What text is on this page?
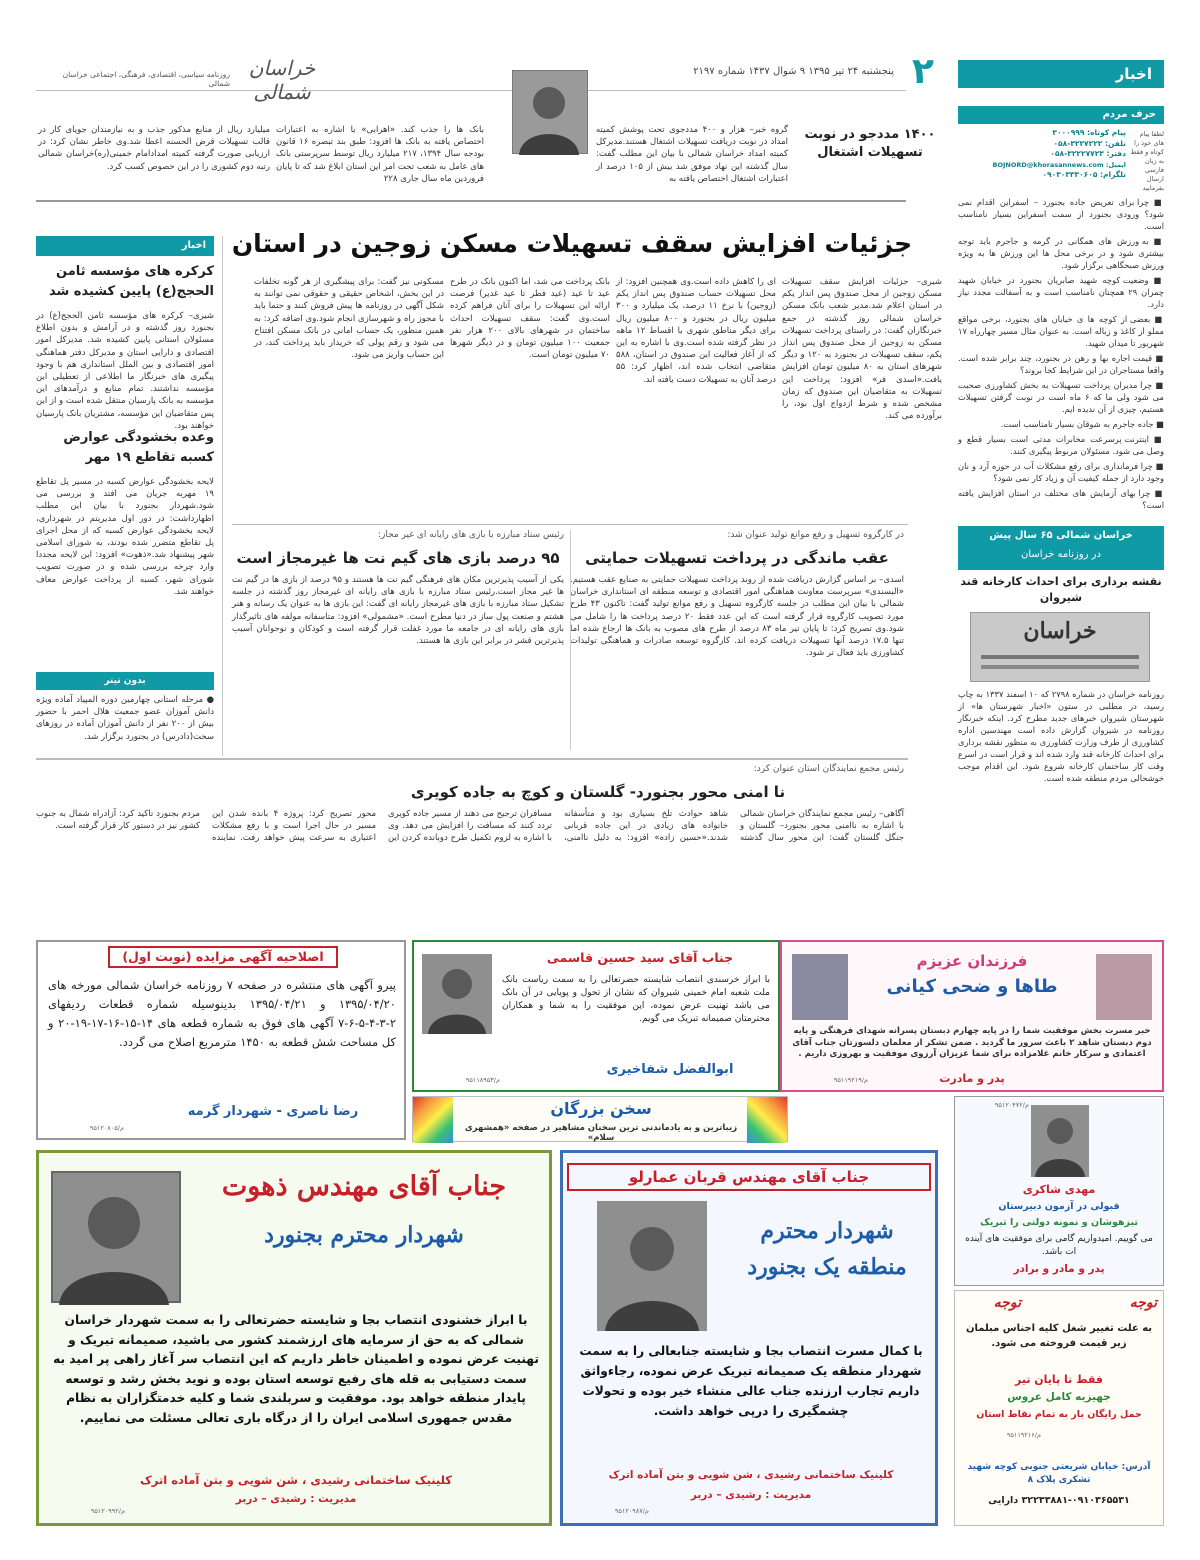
اخبار
۲
پنجشنبه ۲۴ تیر ۱۳۹۵ ۹ شوال ۱۴۳۷ شماره ۲۱۹۷
خراسان شمالی
روزنامه سیاسی، اقتصادی، فرهنگی، اجتماعی خراسان شمالی
حرف مردم
پیام کوتاه: ۳۰۰۰۹۹۹
تلفن: ۳۲۲۷۲۲۲-۰۵۸
دفتر: ۳۲۲۲۷۷۲۳-۰۵۸
ایمیل: BOJNORD@khorasannews.com
تلگرام: ۰۹۰۳۰۳۳۳۰۶۰۵
لطفا پیام های خود را کوتاه و فقط به زبان فارسی ارسال بفرمایید

■ چرا برای تعریض جاده بجنورد – اسفراین اقدام نمی شود؟ ورودی بجنورد از سمت اسفراین بسیار نامناسب است.

■ به ورزش های همگانی در گرمه و جاجرم باید توجه بیشتری شود و در برخی محل ها این ورزش ها به ویژه ورزش صبحگاهی برگزار شود.

■ وضعیت کوچه شهید صابریان بجنورد در خیابان شهید چمران ۲۹ همچنان نامناسب است و به آسفالت مجدد نیاز دارد.

■ بعضی از کوچه ها ی خیابان های بجنورد، برخی مواقع مملو از کاغذ و زباله است. به عنوان مثال مسیر چهارراه ۱۷ شهریور تا میدان شهید.

■ قیمت اجاره بها و رهن در بجنورد، چند برابر شده است. واقعا مستاجران در این شرایط کجا بروند؟

■ چرا مدیران پرداخت تسهیلات به بخش کشاورزی صحبت می شود ولی ما که ۶ ماه است در نوبت گرفتن تسهیلات هستیم، چیزی از آن ندیده ایم.

■ جاده جاجرم به شوقان بسیار نامناسب است.

■ اینترنت پرسرعت مخابرات مدتی است بسیار قطع و وصل می شود. مسئولان مربوط پیگیری کنند.

■ چرا فرمانداری برای رفع مشکلات آب در حوزه آرد و نان وجود دارد از جمله کیفیت آن و زیاد کار نمی شود؟

■ چرا بهای آزمایش های مختلف در استان افزایش یافته است؟

خراسان شمالی ۶۵ سال پیش
در روزنامه خراسان
نقشه برداری برای احداث کارخانه قند شیروان
خراسان
روزنامه خراسان در شماره ۲۷۹۸ که ۱۰ اسفند ۱۳۳۷ به چاپ رسید، در مطلبی در ستون «اخبار شهرستان ها» از شهرستان شیروان خبرهای جدید مطرح کرد. اینکه خبرنگار روزنامه در شیروان گزارش داده است مهندسین اداره کشاورزی از طرف وزارت کشاورزی به منظور نقشه برداری برای احداث کارخانه قند وارد شده اند و قرار است در اسرع وقت کار ساختمان کارخانه شروع شود. این اقدام موجب خوشحالی مردم منطقه شده است.
۱۴۰۰ مددجو در نوبت
تسهیلات اشتغال
گروه خبر– هزار و ۴۰۰ مددجوی تحت پوشش کمیته امداد در نوبت دریافت تسهیلات اشتغال هستند.مدیرکل کمیته امداد خراسان شمالی با بیان این مطلب گفت: سال گذشته این نهاد موفق شد بیش از ۱۰۵ درصد از اعتبارات اشتغال اختصاص یافته به
بانک ها را جذب کند. «اهرابی» با اشاره به اعتبارات اختصاص یافته به بانک ها افزود: طبق بند تبصره ۱۶ قانون بودجه سال ۱۳۹۴، ۲۱۷ میلیارد ریال توسط سرپرستی بانک های عامل به شعب تحت امر این استان ابلاغ شد که تا پایان فروردین ماه سال جاری ۲۲۸
میلیارد ریال از منابع مذکور جذب و به نیازمندان جویای کار در قالب تسهیلات قرض الحسنه اعطا شد.وی خاطر نشان کرد: در ارزیابی صورت گرفته کمیته امدادامام خمینی(ره)خراسان شمالی رتبه دوم کشوری را در این خصوص کسب کرد.
جزئیات افزایش سقف تسهیلات مسکن زوجین در استان
شیری– جزئیات افزایش سقف تسهیلات مسکن زوجین از محل صندوق پس انداز یکم در استان اعلام شد.مدیر شعب بانک مسکن خراسان شمالی روز گذشته در جمع خبرنگاران گفت: در راستای پرداخت تسهیلات مسکن به زوجین از محل صندوق پس انداز یکم، سقف تسهیلات در بجنورد به ۱۲۰ و دیگر شهرهای استان به ۸۰ میلیون تومان افزایش یافت.«اسدی فر» افزود: پرداخت این تسهیلات به متقاضیان این صندوق که زمان مشخص شده و شرط ازدواج اول بود، را برآورده می کند.
ای را کاهش داده است.وی همچنین افزود: از محل تسهیلات حساب صندوق پس انداز یکم (زوجین) با نرخ ۱۱ درصد، یک میلیارد و ۳۰۰ میلیون ریال در بجنورد و ۸۰۰ میلیون ریال برای دیگر مناطق شهری با اقساط ۱۲ ماهه در نظر گرفته شده است.وی با اشاره به این که از آغاز فعالیت این صندوق در استان، ۵۸۸ متقاضی انتخاب شده اند، اظهار کرد: ۵۵ درصد آنان به تسهیلات دست یافته اند.
بانک پرداخت می شد، اما اکنون بانک در طرح عید تا عید (عید فطر تا عید غدیر) فرصت ارائه این تسهیلات را برای آنان فراهم کرده است.وی گفت: سقف تسهیلات احداث ساختمان در شهرهای بالای ۲۰۰ هزار نفر جمعیت ۱۰۰ میلیون تومان و در دیگر شهرها ۷۰ میلیون تومان است.
مسکونی نیز گفت: برای پیشگیری از هر گونه تخلفات در این بخش، اشخاص حقیقی و حقوقی نمی توانند به شکل آگهی در روزنامه ها پیش فروش کنند و حتما باید با مجوز راه و شهرسازی انجام شود.وی اضافه کرد: به همین منظور، یک حساب امانی در بانک مسکن افتتاح می شود و رقم پولی که خریدار باید پرداخت کند، در این حساب واریز می شود.
اخبار
کرکره های مؤسسه ثامن الحجج(ع) پایین کشیده شد
شیری– کرکره های مؤسسه ثامن الحجج(ع) در بجنورد روز گذشته و در آرامش و بدون اطلاع مسئولان استانی پایین کشیده شد. مدیرکل امور اقتصادی و دارایی استان و مدیرکل دفتر هماهنگی امور اقتصادی و بین الملل استانداری هم با وجود پیگیری های خبرنگار ما اطلاعی از تعطیلی این مؤسسه نداشتند. تمام منابع و درآمدهای این مؤسسه به بانک پارسیان منتقل شده است و از این پس متقاضیان این مؤسسه، مشتریان بانک پارسیان خواهند بود.
وعده بخشودگی عوارض کسبه تقاطع ۱۹ مهر
لایحه بخشودگی عوارض کسبه در مسیر پل تقاطع ۱۹ مهربه جریان می افتد و بررسی می شود.شهردار بجنورد با بیان این مطلب اظهارداشت: در دور اول مدیریتم در شهرداری، لایحه بخشودگی عوارض کسبه که از محل اجرای پل تقاطع متضرر شده بودند، به شورای اسلامی شهر پیشنهاد شد.«ذهوت» افزود: این لایحه مجددا وارد چرخه بررسی شده و در صورت تصویب شورای شهر، کسبه از پرداخت عوارض معاف خواهند شد.
بدون تیتر
● مرحله استانی چهارمین دوره المپیاد آماده ویژه دانش آموزان عضو جمعیت هلال احمر با حضور بیش از ۲۰۰ نفر از دانش آموزان آماده در روزهای سخت(دادرس) در بجنورد برگزار شد.
در کارگروه تسهیل و رفع موانع تولید عنوان شد:
عقب ماندگی در پرداخت تسهیلات حمایتی
اسدی– بر اساس گزارش دریافت شده از روند پرداخت تسهیلات حمایتی به صنایع عقب هستیم. «البسندی» سرپرست معاونت هماهنگی امور اقتصادی و توسعه منطقه ای استانداری خراسان شمالی با بیان این مطلب در جلسه کارگروه تسهیل و رفع موانع تولید گفت: تاکنون ۴۳ طرح مورد تصویب کارگروه قرار گرفته است که این عدد فقط ۲۰ درصد پرداخت ها را شامل می شود.وی تصریح کرد: تا پایان تیر ماه ۸۳ درصد از طرح های مصوب به بانک ها ارجاع شده اما تنها ۱۷.۵ درصد آنها تسهیلات دریافت کرده اند. کارگروه توسعه صادرات و هماهنگی تولیدات کشاورزی باید فعال تر شود.
رئیس ستاد مبارزه با بازی های رایانه ای غیر مجاز:
۹۵ درصد بازی های گیم نت ها غیرمجاز است
یکی از آسیب پذیرترین مکان های فرهنگی گیم نت ها هستند و ۹۵ درصد از بازی ها در گیم نت ها غیر مجاز است.رئیس ستاد مبارزه با بازی های رایانه ای غیرمجاز روز گذشته در جلسه تشکیل ستاد مبارزه با بازی های غیرمجاز رایانه ای گفت: این بازی ها به عنوان یک رسانه و هنر هشتم و صنعت پول ساز در دنیا مطرح است. «مشمولی» افزود: متاسفانه مولفه های تاثیرگذار بازی های رایانه ای در جامعه ما مورد غفلت قرار گرفته است و کودکان و نوجوانان آسیب پذیرترین قشر در برابر این بازی ها هستند.
رئیس مجمع نمایندگان استان عنوان کرد:
نا امنی محور بجنورد- گلستان و کوچ به جاده کویری
آگاهی– رئیس مجمع نمایندگان خراسان شمالی با اشاره به ناامنی محور بجنورد– گلستان و جنگل گلستان گفت: این محور سال گذشته شاهد حوادث تلخ بسیاری بود و متأسفانه خانواده های زیادی در این جاده قربانی شدند.«حسین زاده» افزود: به دلیل ناامنی، مسافران ترجیح می دهند از مسیر جاده کویری تردد کنند که مسافت را افزایش می دهد. وی با اشاره به لزوم تکمیل طرح دوبانده کردن این محور تصریح کرد: پروژه ۴ بانده شدن این مسیر در حال اجرا است و با رفع مشکلات اعتباری به سرعت پیش خواهد رفت. نماینده مردم بجنورد تاکید کرد: آزادراه شمال به جنوب کشور نیز در دستور کار قرار گرفته است.
فرزندان عزیزم
طاها و ضحی کیانی
خبر مسرت بخش موفقیت شما را در پایه چهارم دبستان پسرانه شهدای فرهنگی و پایه دوم دبستان شاهد ۲ باعث سرور ما گردید . ضمن تشکر از معلمان دلسوزتان جناب آقای اعتمادی و سرکار خانم غلامزاده برای شما عزیزان آرزوی موفقیت و بهروزی داریم .
پدر و مادرت
م/۹۵۱۱۹۲۱۹
جناب آقای سید حسین قاسمی
با ابراز خرسندی انتصاب شایسته حضرتعالی را به سمت ریاست بانک ملت شعبه امام خمینی شیروان که نشان از تحول و پویایی در آن بانک می باشد تهنیت عرض نموده، این موفقیت را به شما و همکاران محترمتان صمیمانه تبریک می گویم.
ابوالفضل شفاخیری
م/۹۵۱۱۸۹۵۳
اصلاحیه آگهی مزایده (نوبت اول)
پیرو آگهی های منتشره در صفحه ۷ روزنامه خراسان شمالی مورخه های ۱۳۹۵/۰۴/۲۰ و ۱۳۹۵/۰۴/۲۱ بدینوسیله شماره قطعات ردیفهای ۲-۳-۴-۵-۶-۷ آگهی های فوق به شماره قطعه های ۱۴-۱۵-۱۶-۱۷-۱۹-۲۰ و کل مساحت شش قطعه به ۱۴۵۰ مترمربع اصلاح می گردد.
رضا ناصری - شهردار گرمه
م/۹۵۱۲۰۸۰۵
سخن بزرگان
زیباترین و به یادماندنی ترین سخنان مشاهیر در صفحه «همشهری سلام»
م/۹۵۱۲۰۴۷۲
مهدی شاکری
قبولی در آزمون دبیرستان
تیزهوشان و نمونه دولتی را تبریک
می گوییم. امیدواریم گامی برای موفقیت های آینده ات باشد.
پدر و مادر و برادر
جناب آقای مهندس ذهوت
شهردار محترم بجنورد
با ابراز خشنودی انتصاب بجا و شایسته حضرتعالی را به سمت شهردار خراسان شمالی که به حق از سرمایه های ارزشمند کشور می باشید، صمیمانه تبریک و تهنیت عرض نموده و اطمینان خاطر داریم که این انتصاب سر آغاز راهی پر امید به سمت دستیابی به قله های رفیع توسعه استان بوده و نوید بخش رشد و توسعه پایدار منطقه خواهد بود. موفقیت و سربلندی شما و کلیه خدمتگزاران به نظام مقدس جمهوری اسلامی ایران را از درگاه باری تعالی مسئلت می نماییم.
کلینیک ساختمانی رشیدی ، شن شویی و بتن آماده اترک
مدیریت : رشیدی – دربر
م/۹۵۱۲۰۹۹۲
جناب آقای مهندس قربان عمارلو
شهردار محترم منطقه یک بجنورد
با کمال مسرت انتصاب بجا و شایسته جنابعالی را به سمت شهردار منطقه یک صمیمانه تبریک عرض نموده، رجاءواثق داریم تجارب ارزنده جناب عالی منشاء خیر بوده و تحولات چشمگیری را درپی خواهد داشت.
کلینیک ساختمانی رشیدی ، شن شویی و بتن آماده اترک
مدیریت : رشیدی – دربر
م/۹۵۱۲۰۹۸۷
توجه
توجه
به علت تغییر شغل کلیه اجناس مبلمان زیر قیمت فروخته می شود.
فقط تا پایان تیر
جهیزیه کامل عروس
حمل رایگان بار به تمام نقاط استان
م/۹۵۱۱۹۲۱۶
آدرس: خیابان شریعتی جنوبی کوچه شهید تشکری پلاک ۸
۳۲۲۳۳۸۸۱-۰۹۱۰۳۶۵۵۳۱ دارایی
